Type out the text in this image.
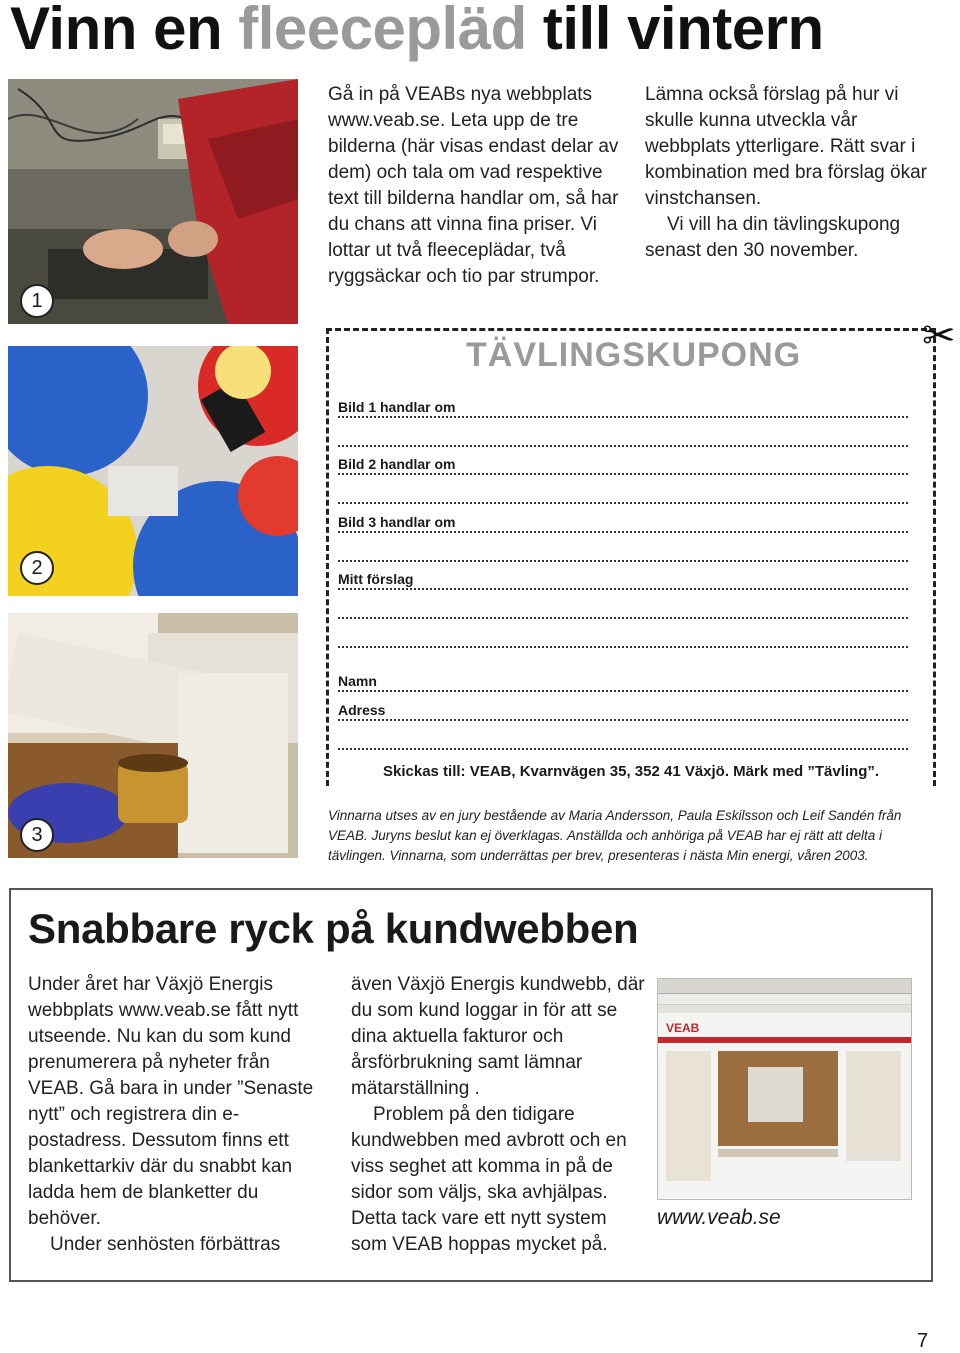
Vinn en fleecepläd till vintern
1
2
3

Gå in på VEABs nya webbplats www.veab.se. Leta upp de tre bilderna (här visas endast delar av dem) och tala om vad respektive text till bilderna handlar om, så har du chans att vinna fina priser. Vi lottar ut två fleeceplädar, två ryggsäckar och tio par strumpor.

Lämna också förslag på hur vi skulle kunna utveckla vår webbplats ytterligare. Rätt svar i kombination med bra förslag ökar vinstchansen.

Vi vill ha din tävlingskupong senast den 30 november.

✂
TÄVLINGSKUPONG
Bild 1 handlar om
Bild 2 handlar om
Bild 3 handlar om
Mitt förslag
Namn
Adress
Skickas till: VEAB, Kvarnvägen 35, 352 41 Växjö. Märk med ”Tävling”.

Vinnarna utses av en jury bestående av Maria Andersson, Paula Eskilsson och Leif Sandén från VEAB. Juryns beslut kan ej överklagas. Anställda och anhöriga på VEAB har ej rätt att delta i tävlingen. Vinnarna, som underrättas per brev, presenteras i nästa Min energi, våren 2003.

Snabbare ryck på kundwebben

Under året har Växjö Energis webbplats www.veab.se fått nytt utseende. Nu kan du som kund prenumerera på nyheter från VEAB. Gå bara in under ”Senaste nytt” och registrera din e-postadress. Dessutom finns ett blankettarkiv där du snabbt kan ladda hem de blanketter du behöver.

Under senhösten förbättras

även Växjö Energis kundwebb, där du som kund loggar in för att se dina aktuella fakturor och årsförbrukning samt lämnar mätarställning .

Problem på den tidigare kundwebben med avbrott och en viss seghet att komma in på de sidor som väljs, ska avhjälpas. Detta tack vare ett nytt system som VEAB hoppas mycket på.

VEAB
www.veab.se
7
